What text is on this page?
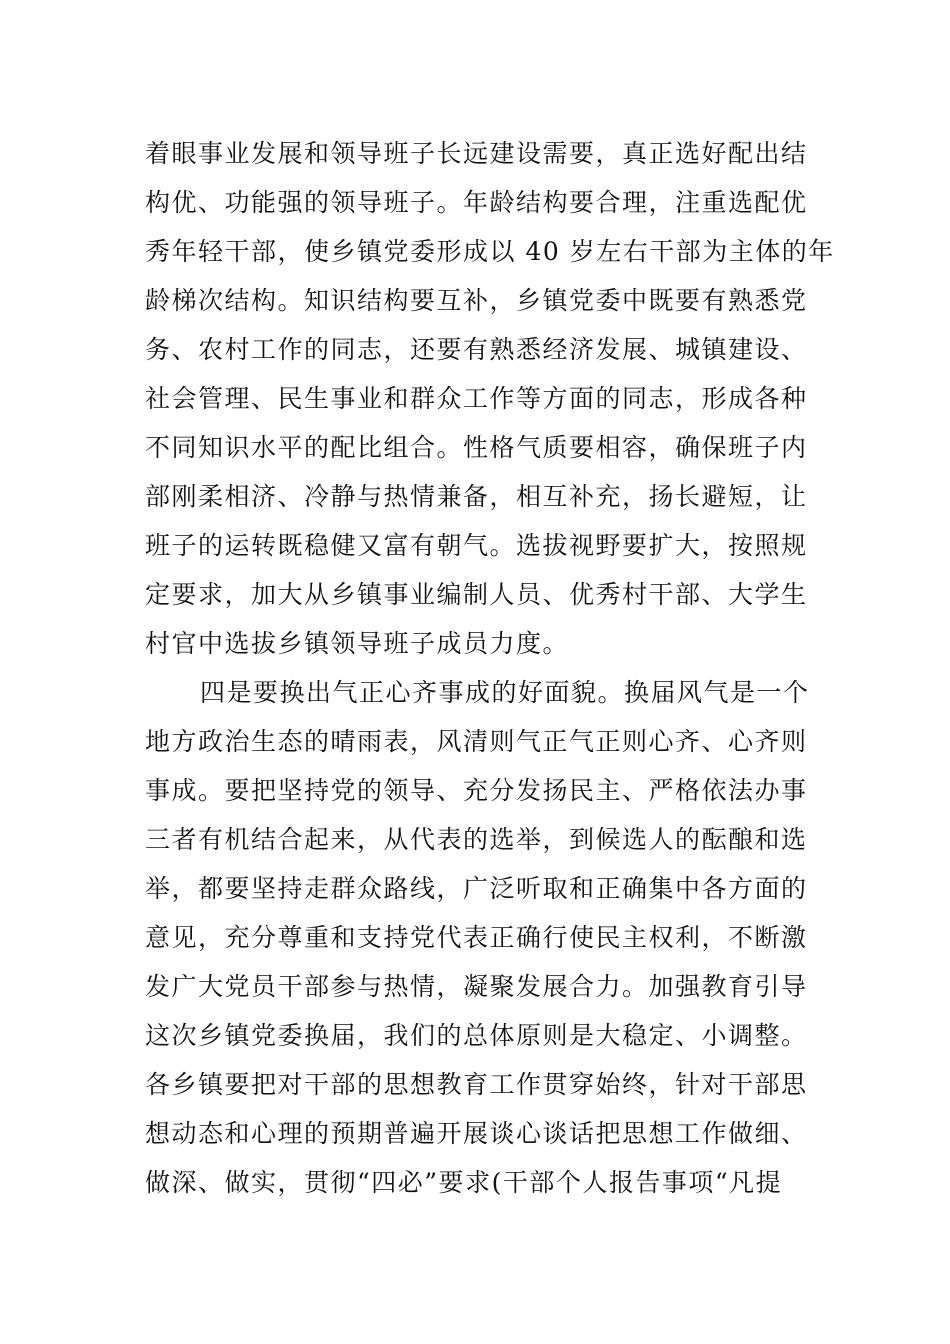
着眼事业发展和领导班子长远建设需要，真正选好配出结
构优、功能强的领导班子。年龄结构要合理，注重选配优
秀年轻干部，使乡镇党委形成以 40 岁左右干部为主体的年
龄梯次结构。知识结构要互补，乡镇党委中既要有熟悉党
务、农村工作的同志，还要有熟悉经济发展、城镇建设、
社会管理、民生事业和群众工作等方面的同志，形成各种
不同知识水平的配比组合。性格气质要相容，确保班子内
部刚柔相济、冷静与热情兼备，相互补充，扬长避短，让
班子的运转既稳健又富有朝气。选拔视野要扩大，按照规
定要求，加大从乡镇事业编制人员、优秀村干部、大学生
村官中选拔乡镇领导班子成员力度。
四是要换出气正心齐事成的好面貌。换届风气是一个
地方政治生态的晴雨表，风清则气正气正则心齐、心齐则
事成。要把坚持党的领导、充分发扬民主、严格依法办事
三者有机结合起来，从代表的选举，到候选人的酝酿和选
举，都要坚持走群众路线，广泛听取和正确集中各方面的
意见，充分尊重和支持党代表正确行使民主权利，不断激
发广大党员干部参与热情，凝聚发展合力。加强教育引导
这次乡镇党委换届，我们的总体原则是大稳定、小调整。
各乡镇要把对干部的思想教育工作贯穿始终，针对干部思
想动态和心理的预期普遍开展谈心谈话把思想工作做细、
做深、做实，贯彻“四必”要求(干部个人报告事项“凡提
